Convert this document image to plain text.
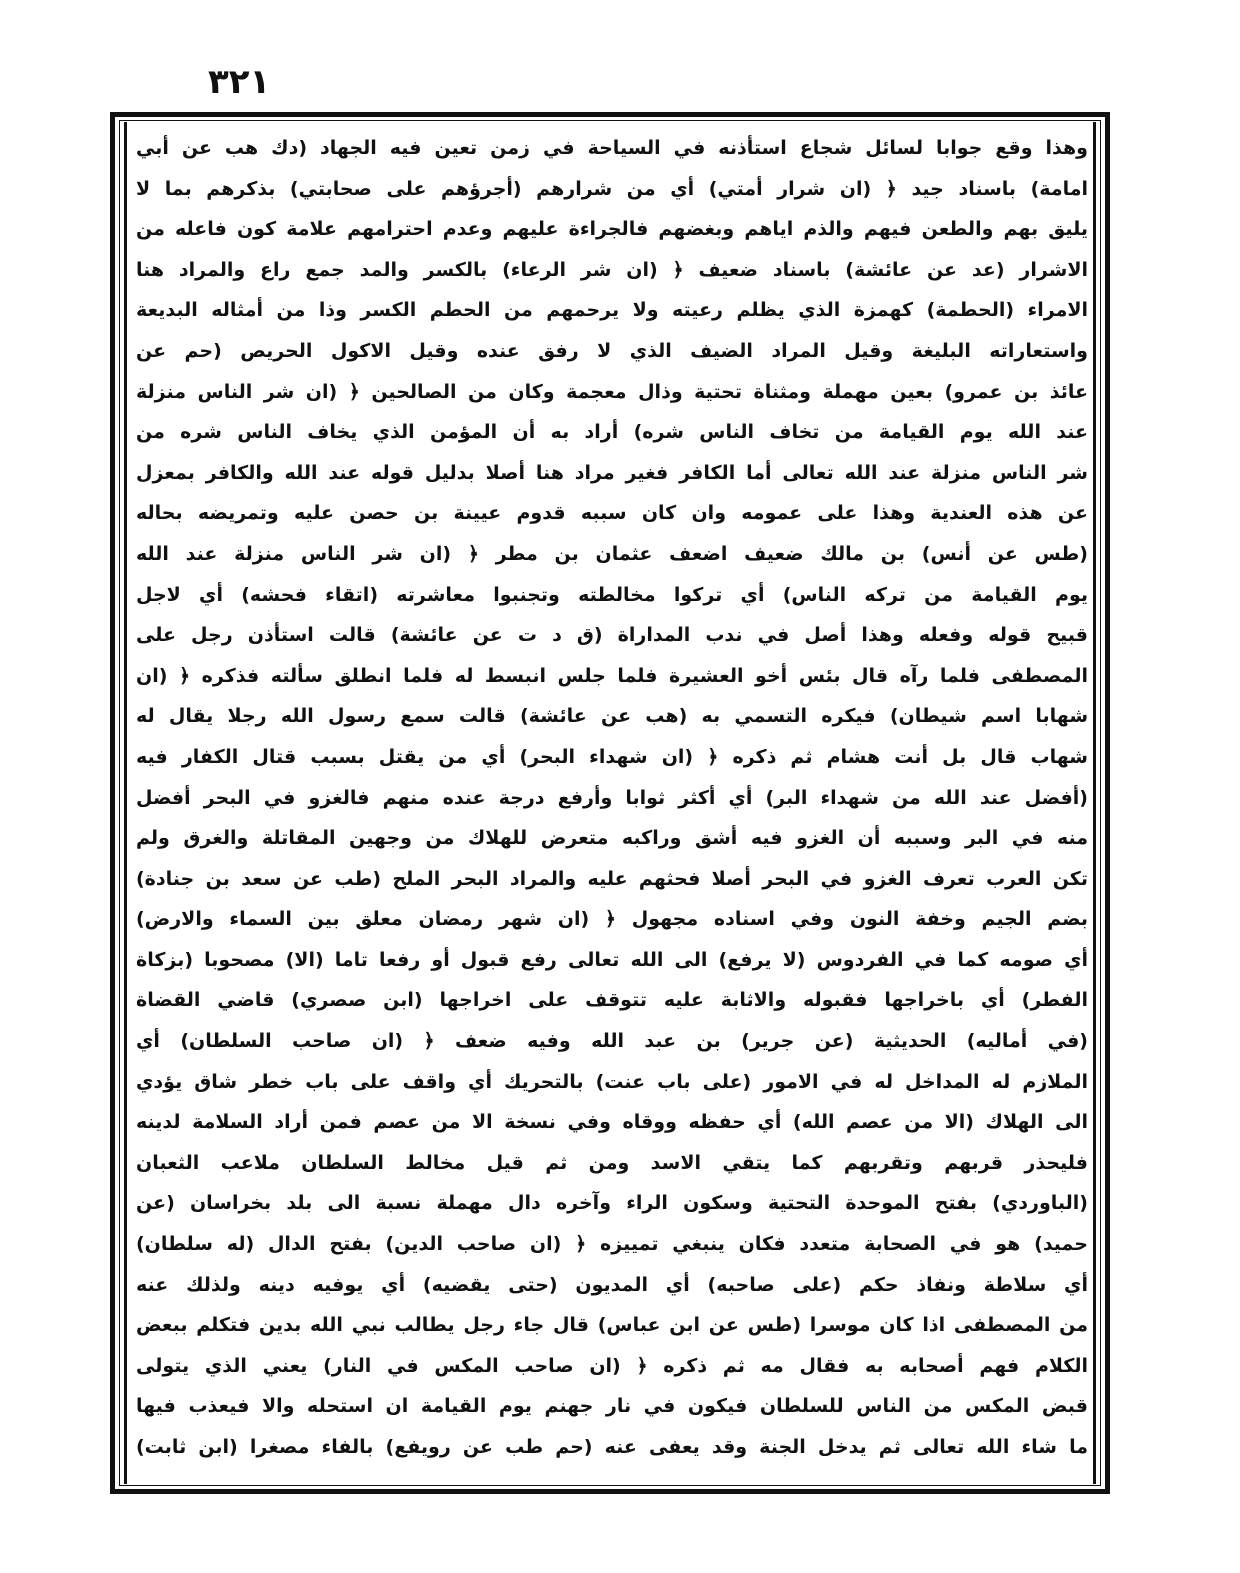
٣٢١
وهذا وقع جوابا لسائل شجاع استأذنه في السياحة في زمن تعين فيه الجهاد (دك هب عن أبي
امامة) باسناد جيد ﴿ (ان شرار أمتي) أي من شرارهم (أجرؤهم على صحابتي) بذكرهم بما لا
يليق بهم والطعن فيهم والذم اياهم وبغضهم فالجراءة عليهم وعدم احترامهم علامة كون فاعله من
الاشرار (عد عن عائشة) باسناد ضعيف ﴿ (ان شر الرعاء) بالكسر والمد جمع راع والمراد هنا
الامراء (الحطمة) كهمزة الذي يظلم رعيته ولا يرحمهم من الحطم الكسر وذا من أمثاله البديعة
واستعاراته البليغة وقيل المراد الضيف الذي لا رفق عنده وقيل الاكول الحريص (حم عن
عائذ بن عمرو) بعين مهملة ومثناة تحتية وذال معجمة وكان من الصالحين ﴿ (ان شر الناس منزلة
عند الله يوم القيامة من تخاف الناس شره) أراد به أن المؤمن الذي يخاف الناس شره من
شر الناس منزلة عند الله تعالى أما الكافر فغير مراد هنا أصلا بدليل قوله عند الله والكافر بمعزل
عن هذه العندية وهذا على عمومه وان كان سببه قدوم عيينة بن حصن عليه وتمريضه بحاله
(طس عن أنس) بن مالك ضعيف اضعف عثمان بن مطر ﴿ (ان شر الناس منزلة عند الله
يوم القيامة من تركه الناس) أي تركوا مخالطته وتجنبوا معاشرته (اتقاء فحشه) أي لاجل
قبيح قوله وفعله وهذا أصل في ندب المداراة (ق د ت عن عائشة) قالت استأذن رجل على
المصطفى فلما رآه قال بئس أخو العشيرة فلما جلس انبسط له فلما انطلق سألته فذكره ﴿ (ان
شهابا اسم شيطان) فيكره التسمي به (هب عن عائشة) قالت سمع رسول الله رجلا يقال له
شهاب قال بل أنت هشام ثم ذكره ﴿ (ان شهداء البحر) أي من يقتل بسبب قتال الكفار فيه
(أفضل عند الله من شهداء البر) أي أكثر ثوابا وأرفع درجة عنده منهم فالغزو في البحر أفضل
منه في البر وسببه أن الغزو فيه أشق وراكبه متعرض للهلاك من وجهين المقاتلة والغرق ولم
تكن العرب تعرف الغزو في البحر أصلا فحثهم عليه والمراد البحر الملح (طب عن سعد بن جنادة)
بضم الجيم وخفة النون وفي اسناده مجهول ﴿ (ان شهر رمضان معلق بين السماء والارض)
أي صومه كما في الفردوس (لا يرفع) الى الله تعالى رفع قبول أو رفعا تاما (الا) مصحوبا (بزكاة
الفطر) أي باخراجها فقبوله والاثابة عليه تتوقف على اخراجها (ابن صصري) قاضي القضاة
(في أماليه) الحديثية (عن جرير) بن عبد الله وفيه ضعف ﴿ (ان صاحب السلطان) أي
الملازم له المداخل له في الامور (على باب عنت) بالتحريك أي واقف على باب خطر شاق يؤدي
الى الهلاك (الا من عصم الله) أي حفظه ووقاه وفي نسخة الا من عصم فمن أراد السلامة لدينه
فليحذر قربهم وتقربهم كما يتقي الاسد ومن ثم قيل مخالط السلطان ملاعب الثعبان
(الباوردي) بفتح الموحدة التحتية وسكون الراء وآخره دال مهملة نسبة الى بلد بخراسان (عن
حميد) هو في الصحابة متعدد فكان ينبغي تمييزه ﴿ (ان صاحب الدين) بفتح الدال (له سلطان)
أي سلاطة ونفاذ حكم (على صاحبه) أي المديون (حتى يقضيه) أي يوفيه دينه ولذلك عنه
من المصطفى اذا كان موسرا (طس عن ابن عباس) قال جاء رجل يطالب نبي الله بدين فتكلم ببعض
الكلام فهم أصحابه به فقال مه ثم ذكره ﴿ (ان صاحب المكس في النار) يعني الذي يتولى
قبض المكس من الناس للسلطان فيكون في نار جهنم يوم القيامة ان استحله والا فيعذب فيها
ما شاء الله تعالى ثم يدخل الجنة وقد يعفى عنه (حم طب عن رويفع) بالفاء مصغرا (ابن ثابت)
